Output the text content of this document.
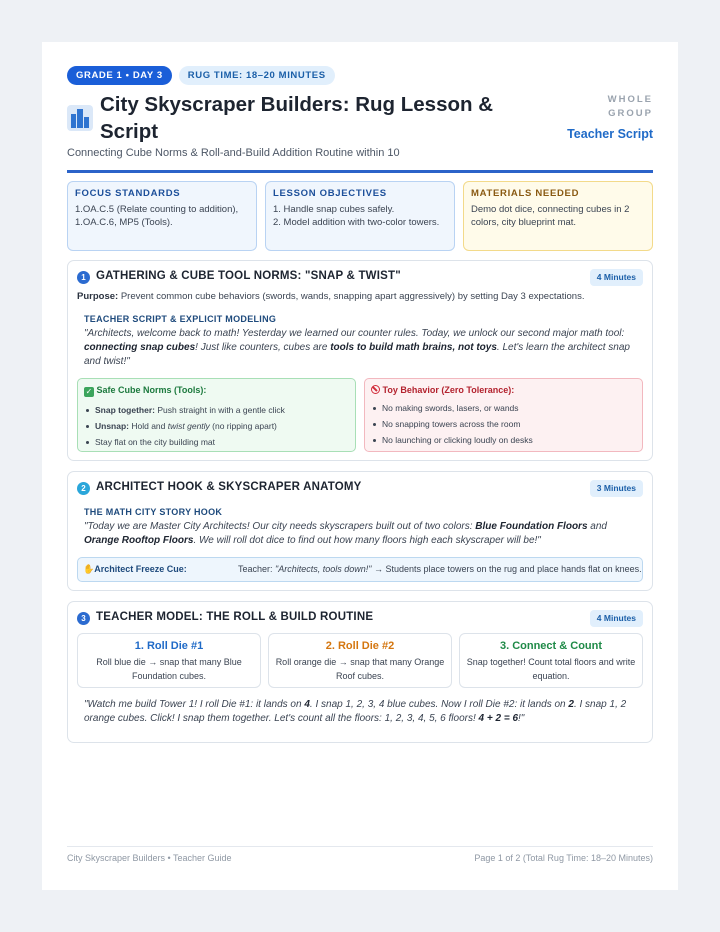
GRADE 1 • DAY 3	RUG TIME: 18–20 MINUTES
City Skyscraper Builders: Rug Lesson & Script
WHOLE GROUP
Teacher Script
Connecting Cube Norms & Roll-and-Build Addition Routine within 10
FOCUS STANDARDS

1.OA.C.5 (Relate counting to addition), 1.OA.C.6, MP5 (Tools).

LESSON OBJECTIVES

1. Handle snap cubes safely.

2. Model addition with two-color towers.

MATERIALS NEEDED

Demo dot dice, connecting cubes in 2 colors, city blueprint mat.

1 GATHERING & CUBE TOOL NORMS: "SNAP & TWIST"	4 Minutes
Purpose: Prevent common cube behaviors (swords, wands, snapping apart aggressively) by setting Day 3 expectations.
TEACHER SCRIPT & EXPLICIT MODELING
"Architects, welcome back to math! Yesterday we learned our counter rules. Today, we unlock our second major math tool: connecting snap cubes! Just like counters, cubes are tools to build math brains, not toys. Let's learn the architect snap and twist!"
✓ Safe Cube Norms (Tools):
Snap together: Push straight in with a gentle click
Unsnap: Hold and twist gently (no ripping apart)
Stay flat on the city building mat
Toy Behavior (Zero Tolerance):
No making swords, lasers, or wands
No snapping towers across the room
No launching or clicking loudly on desks
2 ARCHITECT HOOK & SKYSCRAPER ANATOMY	3 Minutes
THE MATH CITY STORY HOOK
"Today we are Master City Architects! Our city needs skyscrapers built out of two colors: Blue Foundation Floors and Orange Rooftop Floors. We will roll dot dice to find out how many floors high each skyscraper will be!"
✋Architect Freeze Cue:	Teacher: "Architects, tools down!" → Students place towers on the rug and place hands flat on knees.
3 TEACHER MODEL: THE ROLL & BUILD ROUTINE	4 Minutes
1. Roll Die #1

Roll blue die → snap that many Blue Foundation cubes.

2. Roll Die #2

Roll orange die → snap that many Orange Roof cubes.

3. Connect & Count

Snap together! Count total floors and write equation.

"Watch me build Tower 1! I roll Die #1: it lands on 4. I snap 1, 2, 3, 4 blue cubes. Now I roll Die #2: it lands on 2. I snap 1, 2 orange cubes. Click! I snap them together. Let's count all the floors: 1, 2, 3, 4, 5, 6 floors! 4 + 2 = 6!"
City Skyscraper Builders • Teacher Guide	Page 1 of 2 (Total Rug Time: 18–20 Minutes)
